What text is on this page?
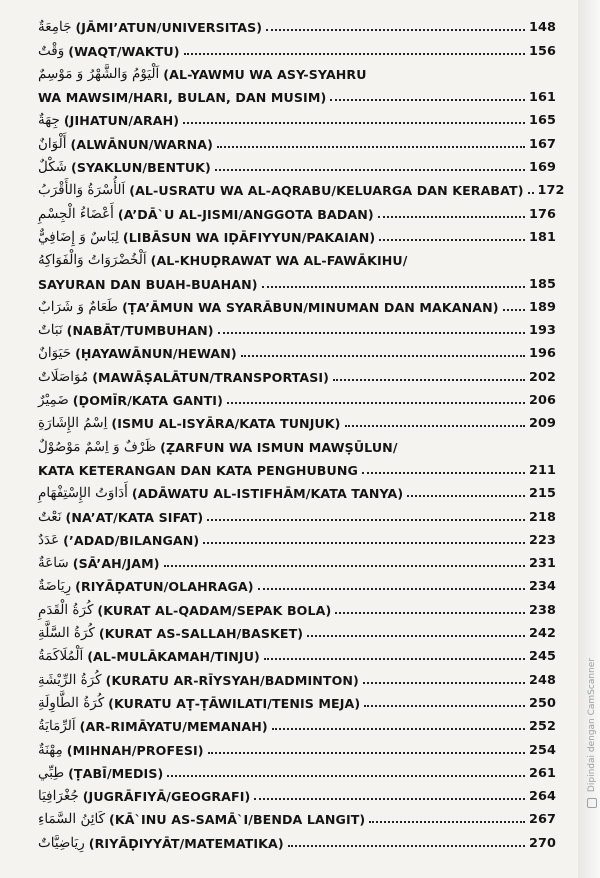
Dipindai dengan CamScanner
جَامِعَةٌ (JĀMI’ATUN/UNIVERSITAS)	148
وَقْتٌ (WAQT/WAKTU)	156
اَلْيَوْمُ وَالشَّهْرُ وَ مَوْسِمٌ (AL-YAWMU WA ASY-SYAHRU
WA MAWSIM/HARI, BULAN, DAN MUSIM)	161
جِهَةٌ (JIHATUN/ARAH)	165
أَلْوَانٌ (ALWĀNUN/WARNA)	167
شَكْلٌ (SYAKLUN/BENTUK)	169
اَلأُسْرَةُ وَالأَقْرَبُ (AL-USRATU WA AL-AQRABU/KELUARGA DAN KERABAT) 172
أَعْضَاءُ الْجِسْمِ (A’DĀ`U AL-JISMI/ANGGOTA BADAN)	176
لِبَاسٌ وَ إِضَافِيٌّ (LIBĀSUN WA IḌĀFIYYUN/PAKAIAN)	181
اَلْخُضْرَوَاتُ وَالْفَوَاكِهُ (AL-KHUḌRAWAT WA AL-FAWĀKIHU/
SAYURAN DAN BUAH-BUAHAN)	185
طَعَامٌ وَ شَرَابٌ (ṬA’ĀMUN WA SYARĀBUN/MINUMAN DAN MAKANAN) 189
نَبَاتٌ (NABĀT/TUMBUHAN)	193
حَيَوَانٌ (ḤAYAWĀNUN/HEWAN)	196
مُوَاصَلَاتٌ (MAWĀṢALĀTUN/TRANSPORTASI)	202
ضَمِيْرٌ (ḌOMĪR/KATA GANTI)	206
اِسْمُ الإِشَارَةِ (ISMU AL-ISYĀRA/KATA TUNJUK)	209
ظَرْفٌ وَ اِسْمٌ مَوْصُوْلٌ (ẒARFUN WA ISMUN MAWṢŪLUN/
KATA KETERANGAN DAN KATA PENGHUBUNG	211
أَدَاوَتُ الإِسْتِفْهَامِ (ADĀWATU AL-ISTIFHĀM/KATA TANYA)	215
نَعْتٌ (NA’AT/KATA SIFAT)	218
عَدَدٌ (’ADAD/BILANGAN)	223
سَاعَةٌ (SĀ’AH/JAM)	231
رِيَاضَةٌ (RIYĀḌATUN/OLAHRAGA)	234
كُرَةُ الْقَدَمِ (KURAT AL-QADAM/SEPAK BOLA)	238
كُرَةُ السَّلَّةِ (KURAT AS-SALLAH/BASKET)	242
اَلْمُلَاكَمَةُ (AL-MULĀKAMAH/TINJU)	245
كُرَةُ الرِّيْشَةِ (KURATU AR-RĪYSYAH/BADMINTON)	248
كُرَةُ الطَّاوِلَةِ (KURATU AṬ-ṬĀWILATI/TENIS MEJA)	250
اَلرِّمَايَةُ (AR-RIMĀYATU/MEMANAH)	252
مِهْنَةٌ (MIHNAH/PROFESI)	254
طِبِّي (ṬABĪ/MEDIS)	261
جُغْرَافِيَا (JUGRĀFIYĀ/GEOGRAFI)	264
كَائِنُ السَّمَاءِ (KĀ`INU AS-SAMĀ`I/BENDA LANGIT)	267
رِيَاضِيَّاتٌ (RIYĀḌIYYĀT/MATEMATIKA)	270
